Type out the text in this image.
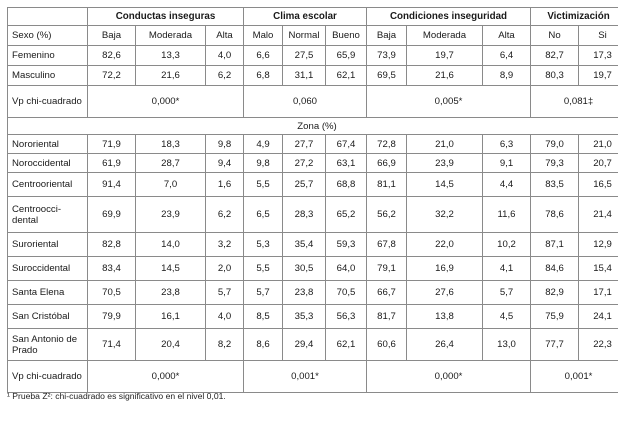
	Conductas inseguras			Clima escolar			Condiciones inseguridad			Victimización	
Sexo (%)	Baja	Moderada	Alta	Malo	Normal	Bueno	Baja	Moderada	Alta	No	Si
Femenino	82,6	13,3	4,0	6,6	27,5	65,9	73,9	19,7	6,4	82,7	17,3
Masculino	72,2	21,6	6,2	6,8	31,1	62,1	69,5	21,6	8,9	80,3	19,7
Vp chi-cuadrado	0,000*			0,060			0,005*			0,081‡	
Zona (%)											
Nororiental	71,9	18,3	9,8	4,9	27,7	67,4	72,8	21,0	6,3	79,0	21,0
Noroccidental	61,9	28,7	9,4	9,8	27,2	63,1	66,9	23,9	9,1	79,3	20,7
Centrooriental	91,4	7,0	1,6	5,5	25,7	68,8	81,1	14,5	4,4	83,5	16,5
Centroocci-dental	69,9	23,9	6,2	6,5	28,3	65,2	56,2	32,2	11,6	78,6	21,4
Suroriental	82,8	14,0	3,2	5,3	35,4	59,3	67,8	22,0	10,2	87,1	12,9
Suroccidental	83,4	14,5	2,0	5,5	30,5	64,0	79,1	16,9	4,1	84,6	15,4
Santa Elena	70,5	23,8	5,7	5,7	23,8	70,5	66,7	27,6	5,7	82,9	17,1
San Cristóbal	79,9	16,1	4,0	8,5	35,3	56,3	81,7	13,8	4,5	75,9	24,1
San Antonio de Prado	71,4	20,4	8,2	8,6	29,4	62,1	60,6	26,4	13,0	77,7	22,3
Vp chi-cuadrado	0,000*			0,001*			0,000*			0,001*	
¹ Prueba Z²: chi-cuadrado es significativo en el nivel 0,01.
